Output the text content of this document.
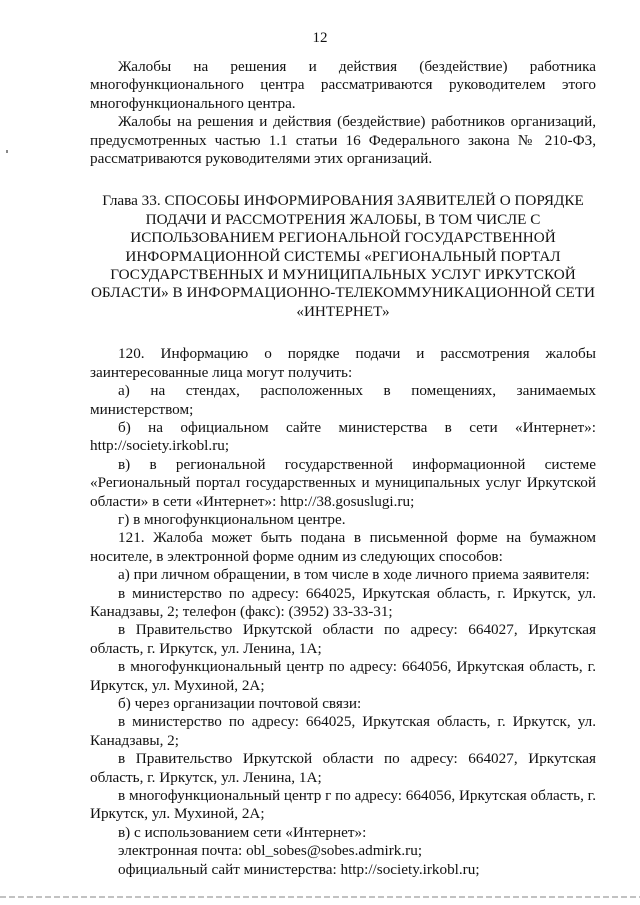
12

Жалобы на решения и действия (бездействие) работника многофункционального центра рассматриваются руководителем этого многофункционального центра.

Жалобы на решения и действия (бездействие) работников организаций, предусмотренных частью 1.1 статьи 16 Федерального закона № 210-ФЗ, рассматриваются руководителями этих организаций.

Глава 33. СПОСОБЫ ИНФОРМИРОВАНИЯ ЗАЯВИТЕЛЕЙ О ПОРЯДКЕ ПОДАЧИ И РАССМОТРЕНИЯ ЖАЛОБЫ, В ТОМ ЧИСЛЕ С ИСПОЛЬЗОВАНИЕМ РЕГИОНАЛЬНОЙ ГОСУДАРСТВЕННОЙ ИНФОРМАЦИОННОЙ СИСТЕМЫ «РЕГИОНАЛЬНЫЙ ПОРТАЛ ГОСУДАРСТВЕННЫХ И МУНИЦИПАЛЬНЫХ УСЛУГ ИРКУТСКОЙ ОБЛАСТИ» В ИНФОРМАЦИОННО-ТЕЛЕКОММУНИКАЦИОННОЙ СЕТИ «ИНТЕРНЕТ»

120. Информацию о порядке подачи и рассмотрения жалобы заинтересованные лица могут получить:

а) на стендах, расположенных в помещениях, занимаемых министерством;

б) на официальном сайте министерства в сети «Интернет»: http://society.irkobl.ru;

в) в региональной государственной информационной системе «Региональный портал государственных и муниципальных услуг Иркутской области» в сети «Интернет»: http://38.gosuslugi.ru;

г) в многофункциональном центре.

121. Жалоба может быть подана в письменной форме на бумажном носителе, в электронной форме одним из следующих способов:

а) при личном обращении, в том числе в ходе личного приема заявителя:

в министерство по адресу: 664025, Иркутская область, г. Иркутск, ул. Канадзавы, 2; телефон (факс): (3952) 33-33-31;

в Правительство Иркутской области по адресу: 664027, Иркутская область, г. Иркутск, ул. Ленина, 1А;

в многофункциональный центр по адресу: 664056, Иркутская область, г. Иркутск, ул. Мухиной, 2А;

б) через организации почтовой связи:

в министерство по адресу: 664025, Иркутская область, г. Иркутск, ул. Канадзавы, 2;

в Правительство Иркутской области по адресу: 664027, Иркутская область, г. Иркутск, ул. Ленина, 1А;

в многофункциональный центр г по адресу: 664056, Иркутская область, г. Иркутск, ул. Мухиной, 2А;

в) с использованием сети «Интернет»:

электронная почта: obl_sobes@sobes.admirk.ru;

официальный сайт министерства: http://society.irkobl.ru;
